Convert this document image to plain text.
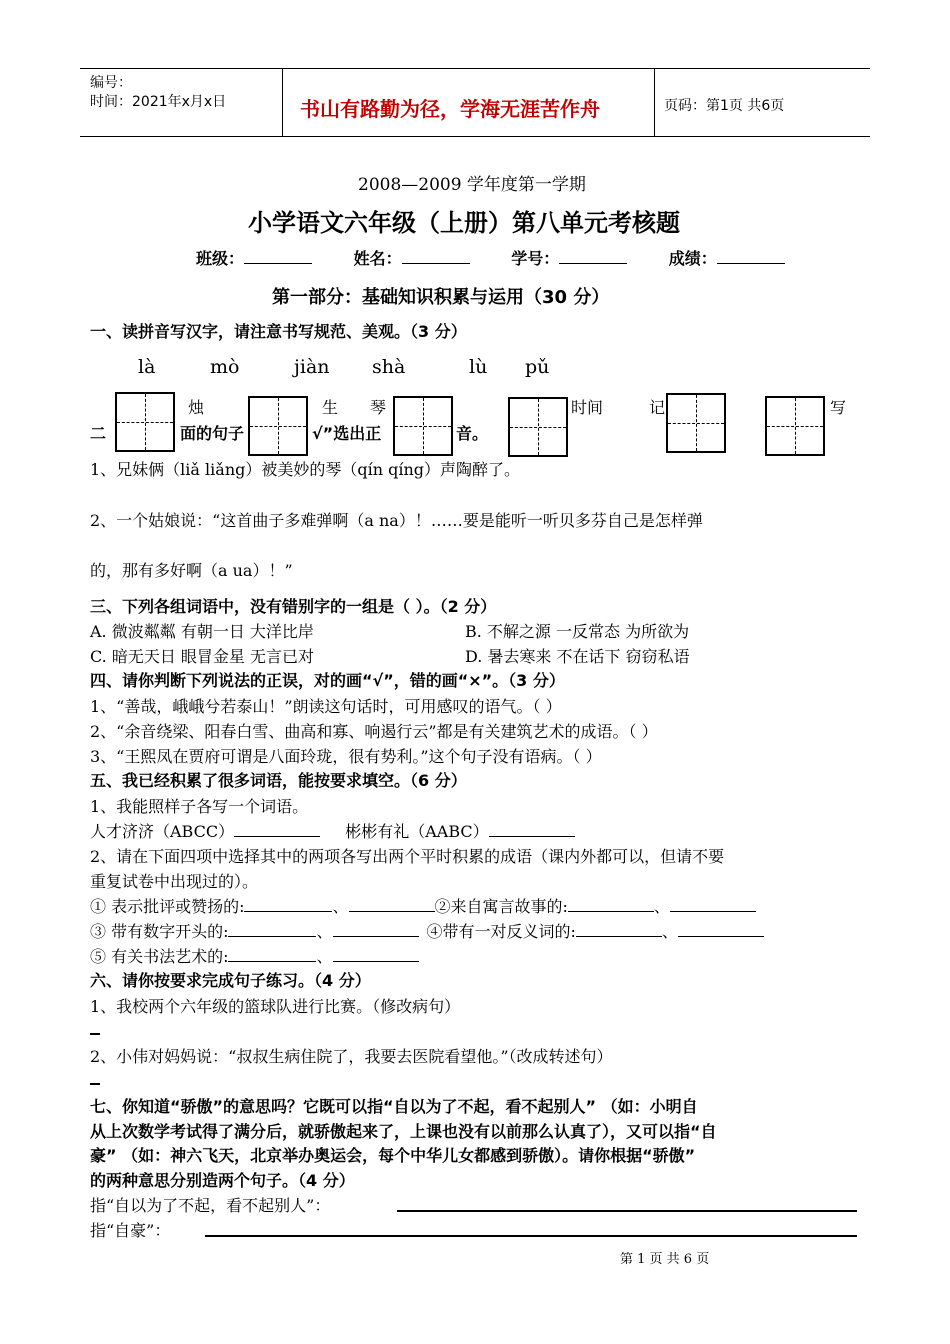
编号：
时间：2021年x月x日	书山有路勤为径，学海无涯苦作舟	页码：第1页 共6页
2008—2009 学年度第一学期
小学语文六年级（上册）第八单元考核题
班级：	姓名：	学号：	成绩：
第一部分：基础知识积累与运用（30 分）
一、读拼音写汉字，请注意书写规范、美观。（3 分）
là	mò	jiàn shà	lù pǔ
烛	生 琴	时间	记	写
二	面的句子	√”选出正	音。
1、兄妹俩（liǎ liǎng）被美妙的琴（qín qíng）声陶醉了。
2、一个姑娘说：“这首曲子多难弹啊（a na）！……要是能听一听贝多芬自己是怎样弹
的，那有多好啊（a ua）！”
三、下列各组词语中，没有错别字的一组是（ ）。（2 分）
A. 微波粼粼 有朝一日 大洋比岸	B. 不解之源 一反常态 为所欲为
C. 暗无天日 眼冒金星 无言已对	D. 暑去寒来 不在话下 窃窃私语
四、请你判断下列说法的正误，对的画“√”，错的画“×”。（3 分）
1、“善哉，峨峨兮若泰山！”朗读这句话时，可用感叹的语气。（ ）
2、“余音绕梁、阳春白雪、曲高和寡、响遏行云”都是有关建筑艺术的成语。（ ）
3、“王熙凤在贾府可谓是八面玲珑，很有势利。”这个句子没有语病。（ ）
五、我已经积累了很多词语，能按要求填空。（6 分）
1、我能照样子各写一个词语。
人才济济（ABCC）	彬彬有礼（AABC）
2、请在下面四项中选择其中的两项各写出两个平时积累的成语（课内外都可以，但请不要
重复试卷中出现过的）。
① 表示批评或赞扬的:	、	②来自寓言故事的:	、
③ 带有数字开头的:	、	④带有一对反义词的:	、
⑤ 有关书法艺术的:	、
六、请你按要求完成句子练习。（4 分）
1、我校两个六年级的篮球队进行比赛。（修改病句）
2、小伟对妈妈说：“叔叔生病住院了，我要去医院看望他。”（改成转述句）
七、你知道“骄傲”的意思吗？它既可以指“自以为了不起，看不起别人” （如：小明自
从上次数学考试得了满分后，就骄傲起来了，上课也没有以前那么认真了），又可以指“自
豪” （如：神六飞天，北京举办奥运会，每个中华儿女都感到骄傲）。请你根据“骄傲”
的两种意思分别造两个句子。（4 分）
指“自以为了不起，看不起别人”：
指“自豪”：
第 1 页 共 6 页
